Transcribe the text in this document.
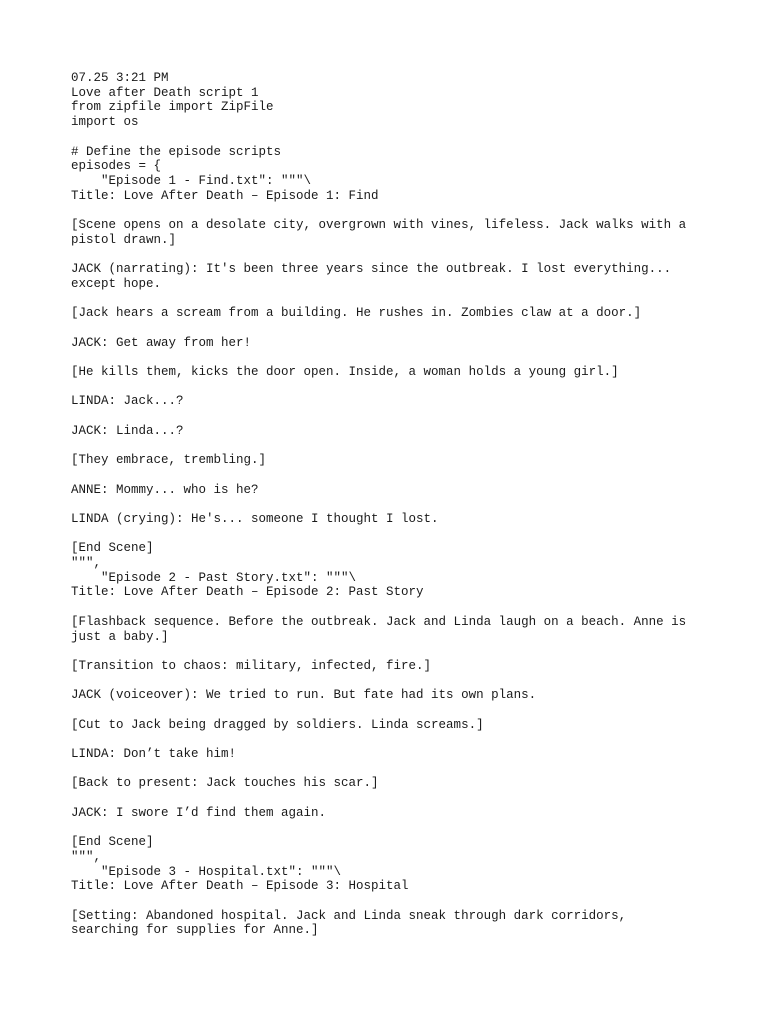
07.25 3:21 PM
Love after Death script 1
from zipfile import ZipFile
import os
# Define the episode scripts
episodes = {
"Episode 1 - Find.txt": """\
Title: Love After Death – Episode 1: Find
[Scene opens on a desolate city, overgrown with vines, lifeless. Jack walks with a
pistol drawn.]
JACK (narrating): It's been three years since the outbreak. I lost everything...
except hope.
[Jack hears a scream from a building. He rushes in. Zombies claw at a door.]
JACK: Get away from her!
[He kills them, kicks the door open. Inside, a woman holds a young girl.]
LINDA: Jack...?
JACK: Linda...?
[They embrace, trembling.]
ANNE: Mommy... who is he?
LINDA (crying): He's... someone I thought I lost.
[End Scene]
""",
"Episode 2 - Past Story.txt": """\
Title: Love After Death – Episode 2: Past Story
[Flashback sequence. Before the outbreak. Jack and Linda laugh on a beach. Anne is
just a baby.]
[Transition to chaos: military, infected, fire.]
JACK (voiceover): We tried to run. But fate had its own plans.
[Cut to Jack being dragged by soldiers. Linda screams.]
LINDA: Don’t take him!
[Back to present: Jack touches his scar.]
JACK: I swore I’d find them again.
[End Scene]
""",
"Episode 3 - Hospital.txt": """\
Title: Love After Death – Episode 3: Hospital
[Setting: Abandoned hospital. Jack and Linda sneak through dark corridors,
searching for supplies for Anne.]
